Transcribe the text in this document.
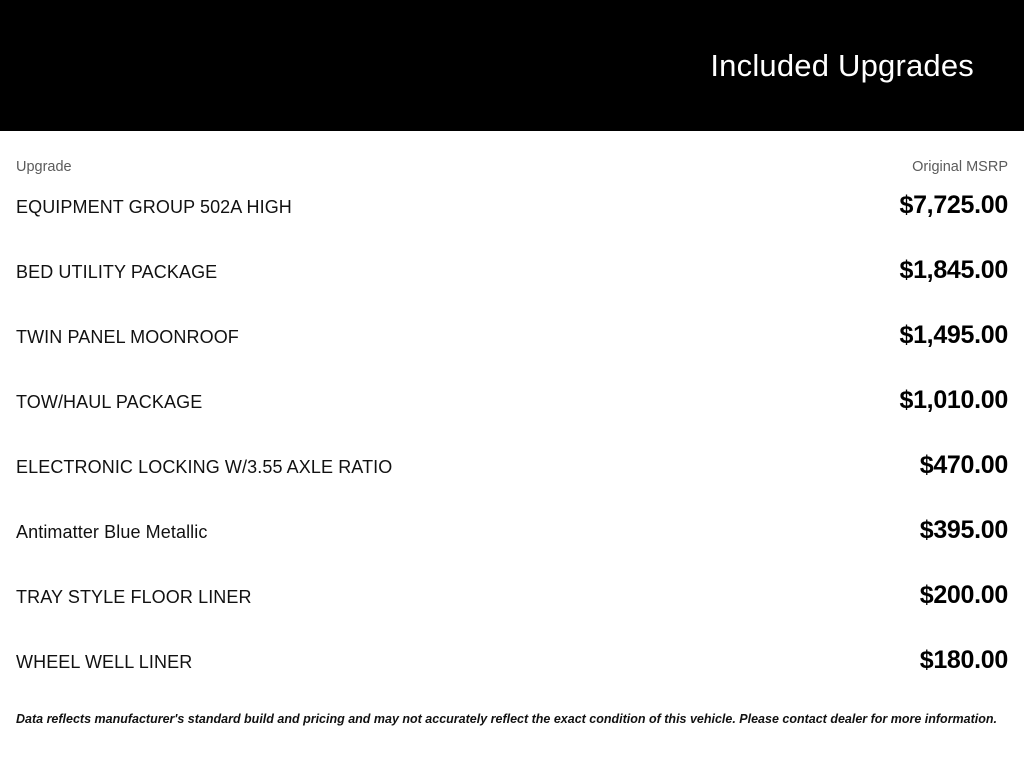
Included Upgrades
Upgrade	Original MSRP
EQUIPMENT GROUP 502A HIGH	$7,725.00
BED UTILITY PACKAGE	$1,845.00
TWIN PANEL MOONROOF	$1,495.00
TOW/HAUL PACKAGE	$1,010.00
ELECTRONIC LOCKING W/3.55 AXLE RATIO	$470.00
Antimatter Blue Metallic	$395.00
TRAY STYLE FLOOR LINER	$200.00
WHEEL WELL LINER	$180.00
Data reflects manufacturer's standard build and pricing and may not accurately reflect the exact condition of this vehicle. Please contact dealer for more information.
